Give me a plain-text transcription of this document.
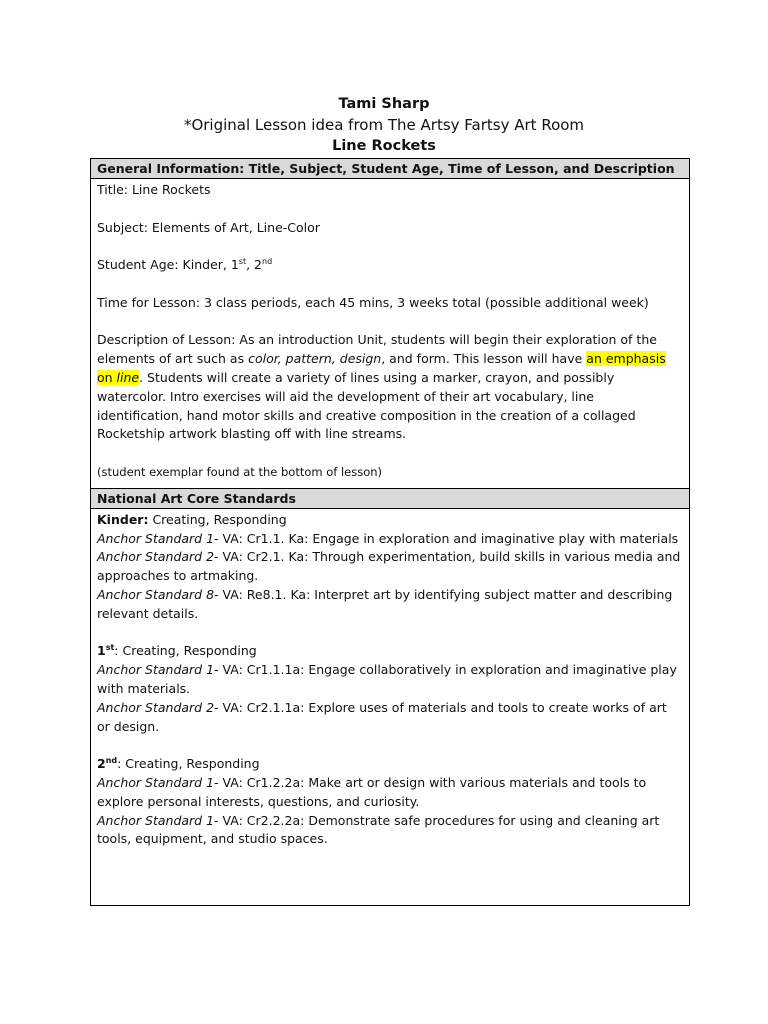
Tami Sharp
*Original Lesson idea from The Artsy Fartsy Art Room
Line Rockets
General Information: Title, Subject, Student Age, Time of Lesson, and Description

Title: Line Rockets

Subject: Elements of Art, Line-Color

Student Age: Kinder, 1st, 2nd

Time for Lesson: 3 class periods, each 45 mins, 3 weeks total (possible additional week)

Description of Lesson: As an introduction Unit, students will begin their exploration of the elements of art such as color, pattern, design, and form. This lesson will have an emphasis on line. Students will create a variety of lines using a marker, crayon, and possibly watercolor. Intro exercises will aid the development of their art vocabulary, line identification, hand motor skills and creative composition in the creation of a collaged Rocketship artwork blasting off with line streams.

(student exemplar found at the bottom of lesson)

National Art Core Standards

Kinder: Creating, Responding

Anchor Standard 1- VA: Cr1.1. Ka: Engage in exploration and imaginative play with materials

Anchor Standard 2- VA: Cr2.1. Ka: Through experimentation, build skills in various media and approaches to artmaking.

Anchor Standard 8- VA: Re8.1. Ka: Interpret art by identifying subject matter and describing relevant details.

1st: Creating, Responding

Anchor Standard 1- VA: Cr1.1.1a: Engage collaboratively in exploration and imaginative play with materials.

Anchor Standard 2- VA: Cr2.1.1a: Explore uses of materials and tools to create works of art or design.

2nd: Creating, Responding

Anchor Standard 1- VA: Cr1.2.2a: Make art or design with various materials and tools to explore personal interests, questions, and curiosity.

Anchor Standard 1- VA: Cr2.2.2a: Demonstrate safe procedures for using and cleaning art tools, equipment, and studio spaces.
